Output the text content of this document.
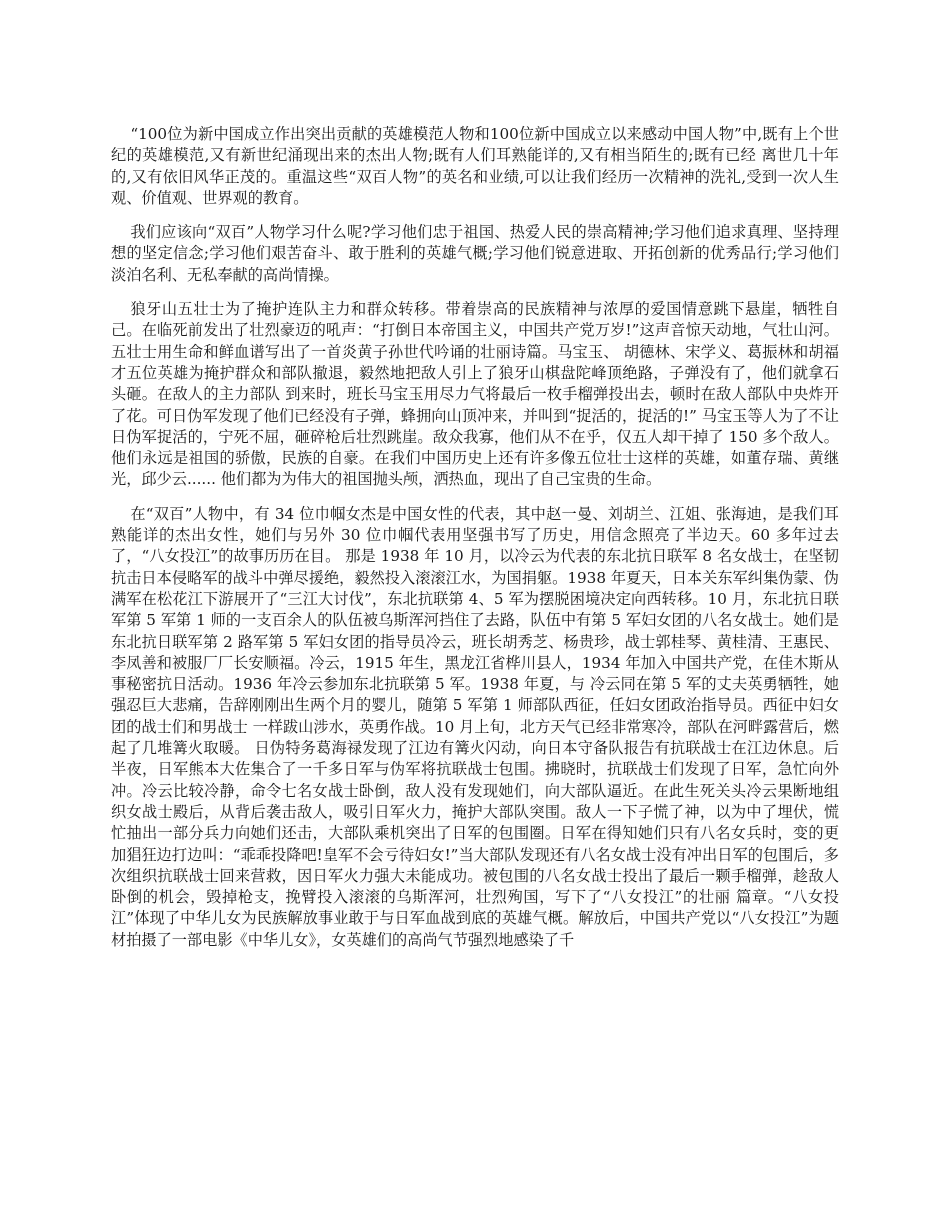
“100位为新中国成立作出突出贡献的英雄模范人物和100位新中国成立以来感动中国人物”中,既有上个世纪的英雄模范,又有新世纪涌现出来的杰出人物;既有人们耳熟能详的,又有相当陌生的;既有已经 离世几十年的,又有依旧风华正茂的。重温这些“双百人物”的英名和业绩,可以让我们经历一次精神的洗礼,受到一次人生观、价值观、世界观的教育。

我们应该向“双百”人物学习什么呢?学习他们忠于祖国、热爱人民的崇高精神;学习他们追求真理、坚持理想的坚定信念;学习他们艰苦奋斗、敢于胜利的英雄气概;学习他们锐意进取、开拓创新的优秀品行;学习他们淡泊名利、无私奉献的高尚情操。

狼牙山五壮士为了掩护连队主力和群众转移。带着崇高的民族精神与浓厚的爱国情意跳下悬崖，牺牲自己。在临死前发出了壮烈豪迈的吼声：“打倒日本帝国主义，中国共产党万岁!”这声音惊天动地，气壮山河。五壮士用生命和鲜血谱写出了一首炎黄子孙世代吟诵的壮丽诗篇。马宝玉、 胡德林、宋学义、葛振林和胡福才五位英雄为掩护群众和部队撤退，毅然地把敌人引上了狼牙山棋盘陀峰顶绝路，子弹没有了，他们就拿石头砸。在敌人的主力部队 到来时，班长马宝玉用尽力气将最后一枚手榴弹投出去，顿时在敌人部队中央炸开了花。可日伪军发现了他们已经没有子弹，蜂拥向山顶冲来，并叫到“捉活的，捉活的!” 马宝玉等人为了不让日伪军捉活的，宁死不屈，砸碎枪后壮烈跳崖。敌众我寡，他们从不在乎，仅五人却干掉了 150 多个敌人。他们永远是祖国的骄傲，民族的自豪。在我们中国历史上还有许多像五位壮士这样的英雄，如董存瑞、黄继光，邱少云...... 他们都为为伟大的祖国抛头颅，洒热血，现出了自己宝贵的生命。

在“双百”人物中，有 34 位巾帼女杰是中国女性的代表，其中赵一曼、刘胡兰、江姐、张海迪，是我们耳熟能详的杰出女性，她们与另外 30 位巾帼代表用坚强书写了历史，用信念照亮了半边天。60 多年过去了，“八女投江”的故事历历在目。 那是 1938 年 10 月，以冷云为代表的东北抗日联军 8 名女战士，在坚韧抗击日本侵略军的战斗中弹尽援绝，毅然投入滚滚江水，为国捐躯。1938 年夏天，日本关东军纠集伪蒙、伪满军在松花江下游展开了“三江大讨伐”，东北抗联第 4、5 军为摆脱困境决定向西转移。10 月，东北抗日联军第 5 军第 1 师的一支百余人的队伍被乌斯浑河挡住了去路，队伍中有第 5 军妇女团的八名女战士。她们是东北抗日联军第 2 路军第 5 军妇女团的指导员冷云，班长胡秀芝、杨贵珍，战士郭桂琴、黄桂清、王惠民、李凤善和被服厂厂长安顺福。冷云，1915 年生，黑龙江省桦川县人，1934 年加入中国共产党，在佳木斯从事秘密抗日活动。1936 年冷云参加东北抗联第 5 军。1938 年夏，与 冷云同在第 5 军的丈夫英勇牺牲，她强忍巨大悲痛，告辞刚刚出生两个月的婴儿，随第 5 军第 1 师部队西征，任妇女团政治指导员。西征中妇女团的战士们和男战士 一样跋山涉水，英勇作战。10 月上旬，北方天气已经非常寒冷，部队在河畔露营后，燃起了几堆篝火取暖。 日伪特务葛海禄发现了江边有篝火闪动，向日本守备队报告有抗联战士在江边休息。后半夜，日军熊本大佐集合了一千多日军与伪军将抗联战士包围。拂晓时，抗联战士们发现了日军，急忙向外冲。冷云比较冷静，命令七名女战士卧倒，敌人没有发现她们，向大部队逼近。在此生死关头冷云果断地组织女战士殿后，从背后袭击敌人，吸引日军火力，掩护大部队突围。敌人一下子慌了神，以为中了埋伏，慌忙抽出一部分兵力向她们还击，大部队乘机突出了日军的包围圈。日军在得知她们只有八名女兵时，变的更加猖狂边打边叫：“乖乖投降吧!皇军不会亏待妇女!”当大部队发现还有八名女战士没有冲出日军的包围后，多次组织抗联战士回来营救，因日军火力强大未能成功。被包围的八名女战士投出了最后一颗手榴弹，趁敌人卧倒的机会，毁掉枪支，挽臂投入滚滚的乌斯浑河，壮烈殉国，写下了“八女投江”的壮丽 篇章。“八女投江”体现了中华儿女为民族解放事业敢于与日军血战到底的英雄气概。解放后，中国共产党以“八女投江”为题材拍摄了一部电影《中华儿女》，女英雄们的高尚气节强烈地感染了千
